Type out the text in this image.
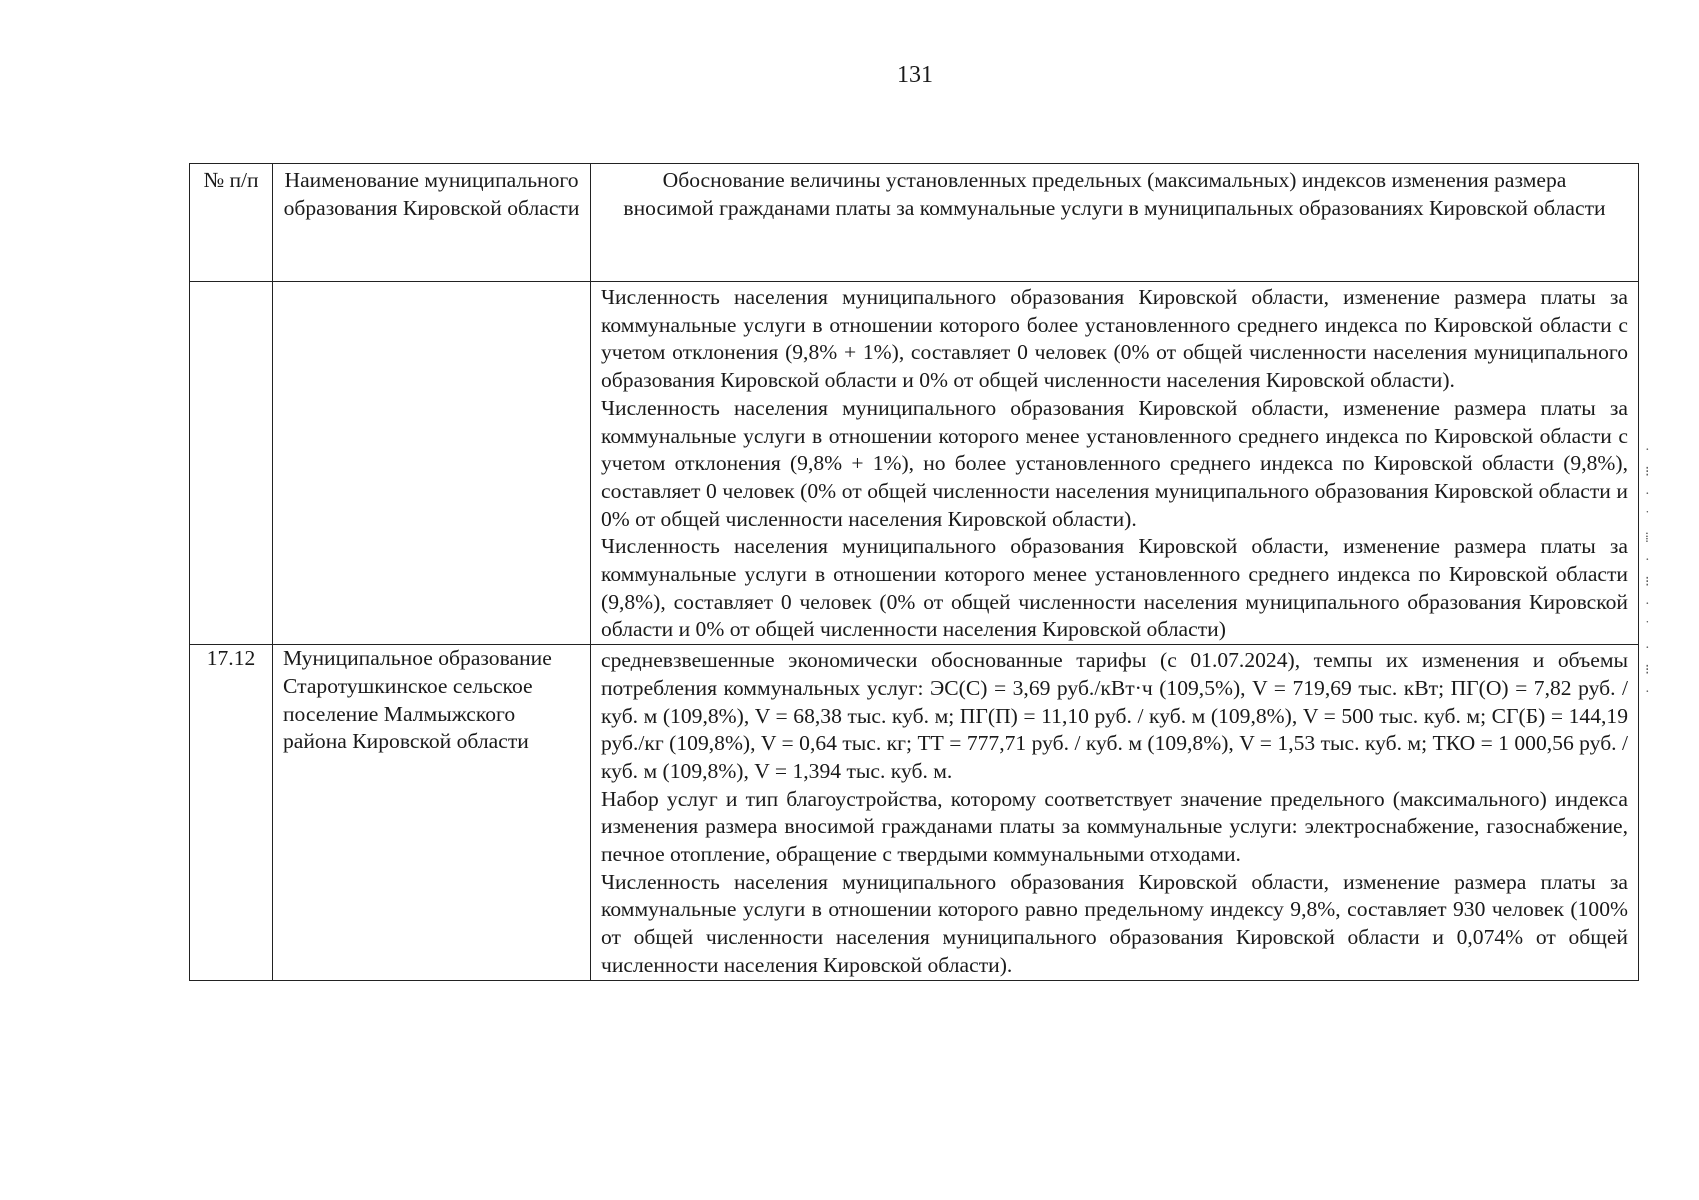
131
№ п/п	Наименование муниципального образования Кировской области	Обоснование величины установленных предельных (максимальных) индексов изменения размера вносимой гражданами платы за коммунальные услуги в муниципальных образованиях Кировской области

		Численность населения муниципального образования Кировской области, изменение размера платы за коммунальные услуги в отношении которого более установленного среднего индекса по Кировской области с учетом отклонения (9,8% + 1%), составляет 0 человек (0% от общей численности населения муниципального образования Кировской области и 0% от общей численности населения Кировской области).

Численность населения муниципального образования Кировской области, изменение размера платы за коммунальные услуги в отношении которого менее установленного среднего индекса по Кировской области с учетом отклонения (9,8% + 1%), но более установленного среднего индекса по Кировской области (9,8%), составляет 0 человек (0% от общей численности населения муниципального образования Кировской области и 0% от общей численности населения Кировской области).

Численность населения муниципального образования Кировской области, изменение размера платы за коммунальные услуги в отношении которого менее установленного среднего индекса по Кировской области (9,8%), составляет 0 человек (0% от общей численности населения муниципального образования Кировской области и 0% от общей численности населения Кировской области)

17.12	Муниципальное образование Старотушкинское сельское поселение Малмыжского района Кировской области	средневзвешенные экономически обоснованные тарифы (с 01.07.2024), темпы их изменения и объемы потребления коммунальных услуг: ЭС(С) = 3,69 руб./кВт·ч (109,5%), V = 719,69 тыс. кВт; ПГ(О) = 7,82 руб. / куб. м (109,8%), V = 68,38 тыс. куб. м; ПГ(П) = 11,10 руб. / куб. м (109,8%), V = 500 тыс. куб. м; СГ(Б) = 144,19 руб./кг (109,8%), V = 0,64 тыс. кг; ТТ = 777,71 руб. / куб. м (109,8%), V = 1,53 тыс. куб. м; ТКО = 1 000,56 руб. / куб. м (109,8%), V = 1,394 тыс. куб. м.

Набор услуг и тип благоустройства, которому соответствует значение предельного (максимального) индекса изменения размера вносимой гражданами платы за коммунальные услуги: электроснабжение, газоснабжение, печное отопление, обращение с твердыми коммунальными отходами.

Численность населения муниципального образования Кировской области, изменение размера платы за коммунальные услуги в отношении которого равно предельному индексу 9,8%, составляет 930 человек (100% от общей численности населения муниципального образования Кировской области и 0,074% от общей численности населения Кировской области).

·
⁝
·
˙
⁞
·
⁝
·
˙
·
⁝
·
